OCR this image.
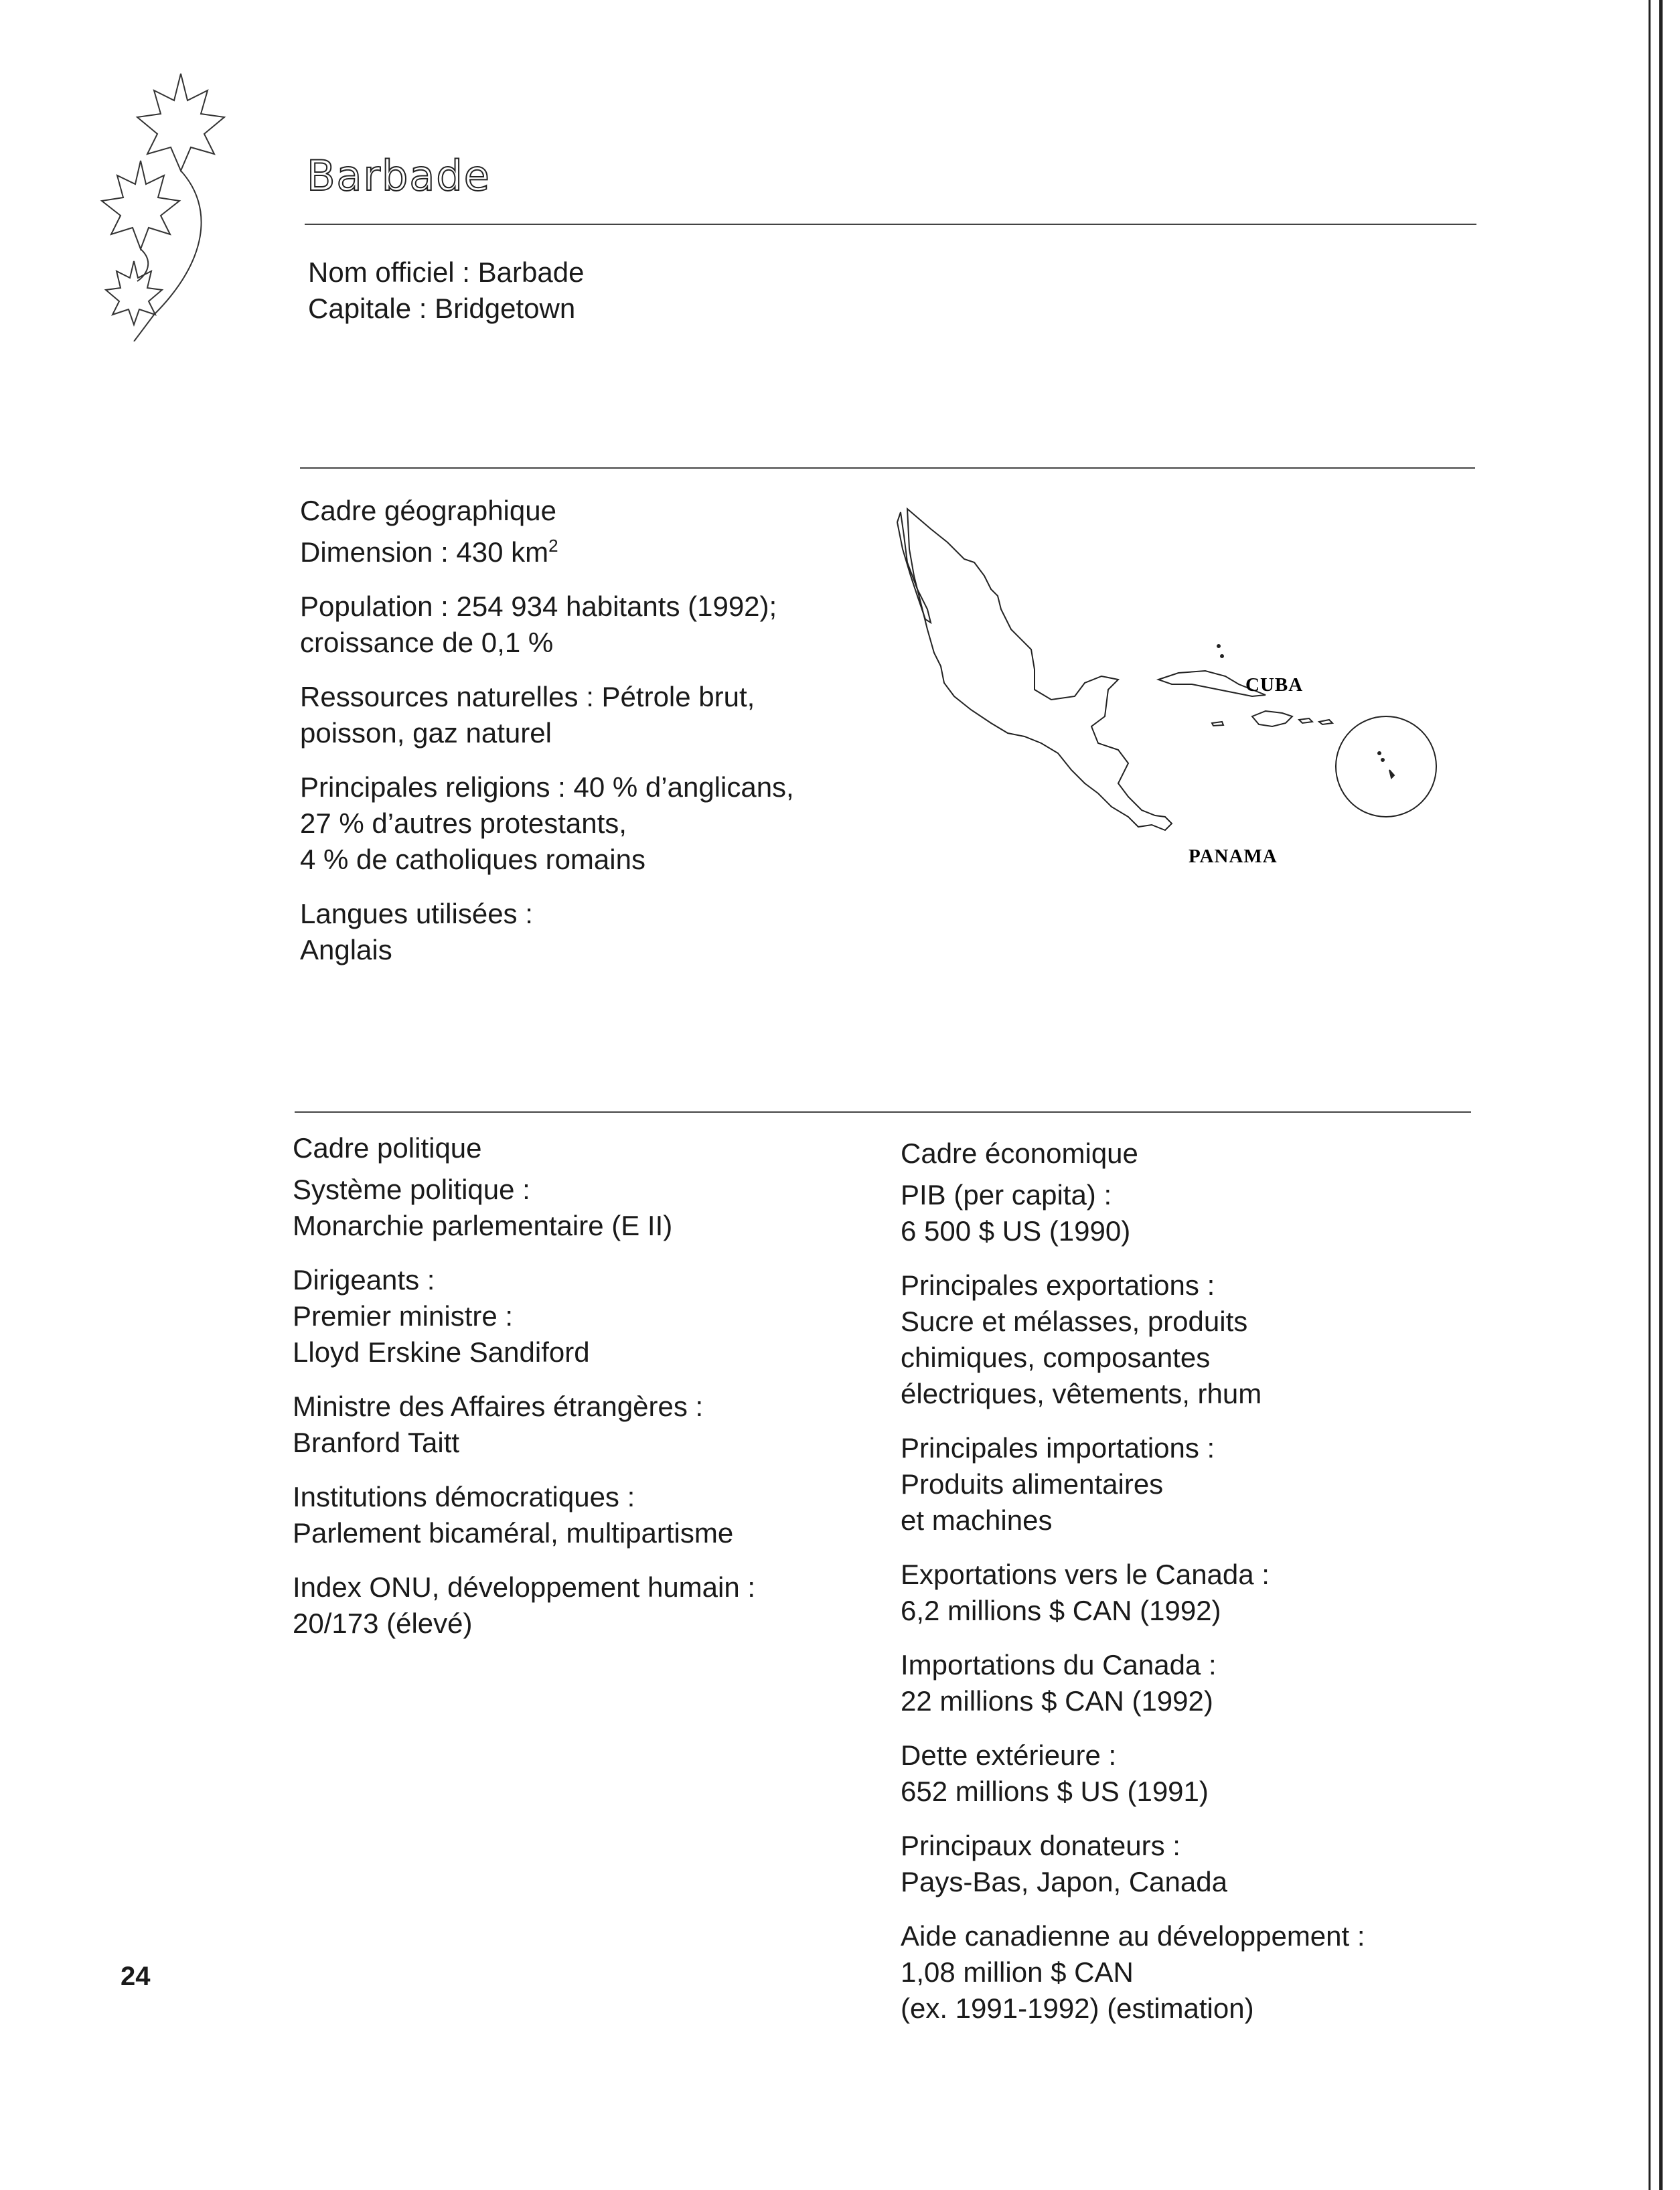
Barbade
Nom officiel : Barbade
Capitale : Bridgetown
Cadre géographique
Dimension : 430 $km^2$
Population : 254 934 habitants (1992);
croissance de 0,1 %
Ressources naturelles : Pétrole brut,
poisson, gaz naturel
Principales religions : 40 % d’anglicans,
27 % d’autres protestants,
4 % de catholiques romains
Langues utilisées :
Anglais
CUBA
PANAMA
Cadre politique
Système politique :
Monarchie parlementaire (E II)
Dirigeants :
Premier ministre :
Lloyd Erskine Sandiford
Ministre des Affaires étrangères :
Branford Taitt
Institutions démocratiques :
Parlement bicaméral, multipartisme
Index ONU, développement humain :
20/173 (élevé)
Cadre économique
PIB (per capita) :
6 500 $ US (1990)
Principales exportations :
Sucre et mélasses, produits
chimiques, composantes
électriques, vêtements, rhum
Principales importations :
Produits alimentaires
et machines
Exportations vers le Canada :
6,2 millions $ CAN (1992)
Importations du Canada :
22 millions $ CAN (1992)
Dette extérieure :
652 millions $ US (1991)
Principaux donateurs :
Pays-Bas, Japon, Canada
Aide canadienne au développement :
1,08 million $ CAN
(ex. 1991-1992) (estimation)
24
